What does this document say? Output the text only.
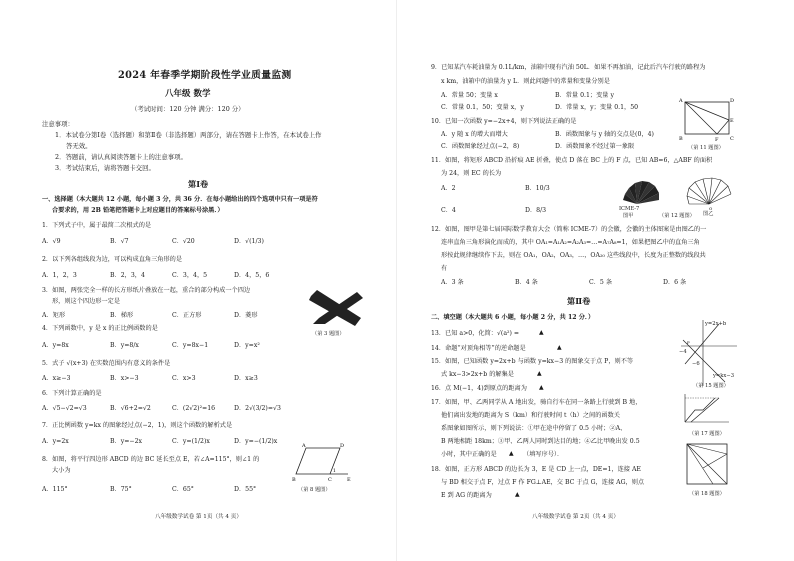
2024 年春季学期阶段性学业质量监测
八年级 数学
（考试时间：120 分钟 满分：120 分）
注意事项：
1．本试卷分第Ⅰ卷（选择题）和第Ⅱ卷（非选择题）两部分，请在答题卡上作答，在本试卷上作
答无效。
2．答题前，请认真阅读答题卡上的注意事项。
3．考试结束后，请将答题卡交回。
第Ⅰ卷
一、选择题（本大题共 12 小题，每小题 3 分，共 36 分．在每小题给出的四个选项中只有一项是符
合要求的，用 2B 铅笔把答题卡上对应题目的答案标号涂黑．）
1．下列式子中，属于最简二次根式的是
A．√9	B．√7	C．√20	D．√(1/3)
2．以下列各组线段为边，可以构成直角三角形的是
A．1，2，3	B．2，3，4	C．3，4，5	D．4，5，6
3．如图，两张完全一样的长方形纸片叠放在一起，重合的部分构成一个四边
形，则这个四边形一定是
A．矩形	B．梯形	C．正方形	D．菱形
（第 3 题图）
4．下列函数中，y 是 x 的正比例函数的是
A．y=8x	B．y=8/x	C．y=8x−1	D．y=x²
5．式子 √(x+3) 在实数范围内有意义的条件是
A．x≥−3	B．x>−3	C．x>3	D．x≥3
6．下列计算正确的是
A．√5−√2=√3	B．√6+2=√2	C．(2√2)²=16	D．2√(3/2)=√3
7．正比例函数 y=kx 的图象经过点(−2，1)，则这个函数的解析式是
A．y=2x	B．y=−2x	C．y=(1/2)x	D．y=−(1/2)x
8．如图，将平行四边形 ABCD 的边 BC 延长至点 E，若∠A=115°，则∠1 的
大小为
A．115°	B．75°	C．65°	D．55°
A	D
B	C	E
1
（第 8 题图）
八年级数学试卷 第 1页（共 4 页）
9．已知某汽车耗油量为 0.1L/km，油箱中现有汽油 50L．如果不再加油，记此后汽车行驶的路程为
x km，油箱中的油量为 y L．则此问题中的常量和变量分别是
A．常量 50；变量 x	B．常量 0.1；变量 y
C．常量 0.1，50；变量 x，y	D．常量 x，y；变量 0.1，50
10．已知一次函数 y=−2x+4，则下列说法正确的是
A．y 随 x 的增大而增大	B．函数图象与 y 轴的交点是(0，4)
C．函数图象经过点(−2，8)	D．函数图象不经过第一象限
A	D
E
B	F C
（第 11 题图）
11．如图，将矩形 ABCD 沿折痕 AE 折叠，使点 D 落在 BC 上的 F 点，已知 AB=6，△ABF 的面积
为 24，则 EC 的长为
A．2	B．10/3
C．4	D．8/3	O
ICME-7
图甲	图乙
（第 12 题图）
12．如图，图甲是第七届国际数学教育大会（简称 ICME-7）的会徽，会徽的主体图案是由图乙的一
连串直角三角形演化而成的，其中 OA₁=A₁A₂=A₂A₃=…=A₇A₈=1，如果把图乙中的直角三角
形按此规律继续作下去，则在 OA₁，OA₂，OA₃，…，OA₂₀ 这些线段中，长度为正整数的线段共
有
A．3 条	B．4 条	C．5 条	D．6 条
第Ⅱ卷
二、填空题（本大题共 6 小题，每小题 2 分，共 12 分．）
13．已知 a>0，化简：√(a²) =	▲
14．命题“对顶角相等”的逆命题是	▲
15．如图，已知函数 y=2x+b 与函数 y=kx−3 的图象交于点 P，则不等
式 kx−3>2x+b 的解集是	▲
P
y=2x+b
y=kx−3
−4
−6
（第 15 题图）
16．点 M(−1，4)到原点的距离为 ▲
17．如图，甲、乙两同学从 A 地出发，骑自行车在同一条路上行驶到 B 地，
他们离出发地的距离为 S（km）和行驶时间 t（h）之间的函数关
系图象如图所示，则下列说法：①甲在途中停留了 0.5 小时；②A、
B 两地相距 18km；③甲、乙两人同时到达目的地；④乙比甲晚出发 0.5
小时，其中正确的是 ▲ （填写序号）．
（第 17 题图）
18．如图，正方形 ABCD 的边长为 3，E 是 CD 上一点，DE=1，连接 AE
与 BD 相交于点 F，过点 F 作 FG⊥AE，交 BC 于点 G，连接 AG，则点
E 到 AG 的距离为	▲	（第 18 题图）
八年级数学试卷 第 2页（共 4 页）
